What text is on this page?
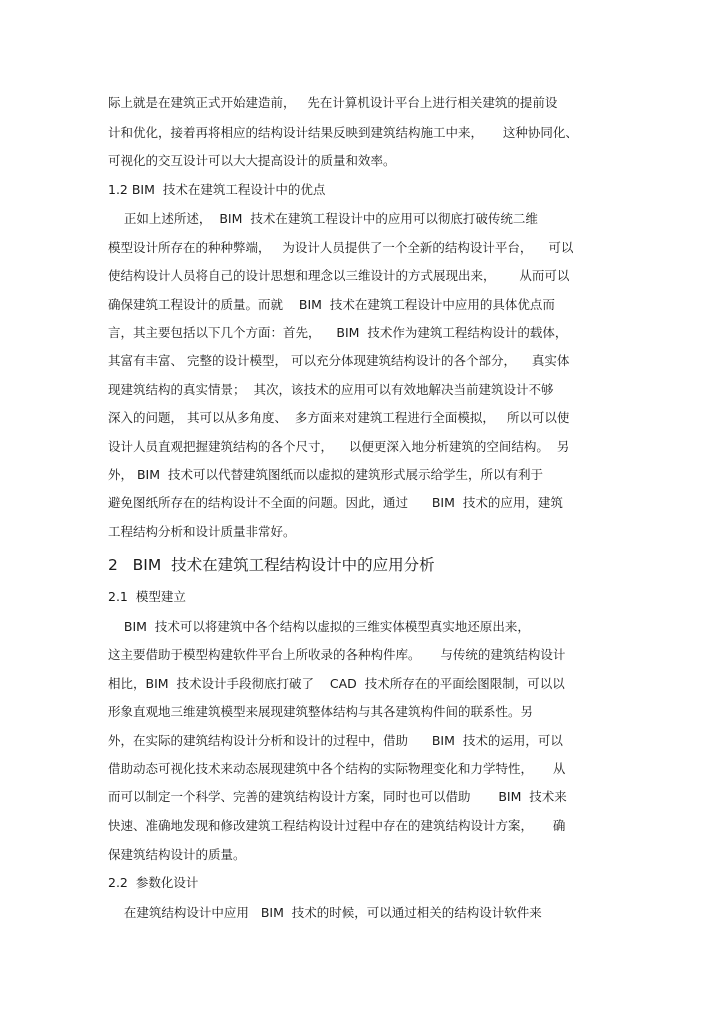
际上就是在建筑正式开始建造前，   先在计算机设计平台上进行相关建筑的提前设

计和优化，接着再将相应的结构设计结果反映到建筑结构施工中来，     这种协同化、

可视化的交互设计可以大大提高设计的质量和效率。

1.2 BIM  技术在建筑工程设计中的优点

正如上述所述，  BIM  技术在建筑工程设计中的应用可以彻底打破传统二维

模型设计所存在的种种弊端，   为设计人员提供了一个全新的结构设计平台，    可以

使结构设计人员将自己的设计思想和理念以三维设计的方式展现出来，      从而可以

确保建筑工程设计的质量。而就    BIM  技术在建筑工程设计中应用的具体优点而

言，其主要包括以下几个方面：首先，    BIM  技术作为建筑工程结构设计的载体，

其富有丰富、 完整的设计模型， 可以充分体现建筑结构设计的各个部分，    真实体

现建筑结构的真实情景；  其次，该技术的应用可以有效地解决当前建筑设计不够

深入的问题， 其可以从多角度、  多方面来对建筑工程进行全面模拟，   所以可以使

设计人员直观把握建筑结构的各个尺寸，    以便更深入地分析建筑的空间结构。  另

外， BIM  技术可以代替建筑图纸而以虚拟的建筑形式展示给学生，所以有利于

避免图纸所存在的结构设计不全面的问题。因此，通过      BIM  技术的应用，建筑

工程结构分析和设计质量非常好。

2   BIM  技术在建筑工程结构设计中的应用分析

2.1  模型建立

BIM  技术可以将建筑中各个结构以虚拟的三维实体模型真实地还原出来，

这主要借助于模型构建软件平台上所收录的各种构件库。     与传统的建筑结构设计

相比，BIM  技术设计手段彻底打破了    CAD  技术所存在的平面绘图限制，可以以

形象直观地三维建筑模型来展现建筑整体结构与其各建筑构件间的联系性。另

外，在实际的建筑结构设计分析和设计的过程中，借助      BIM  技术的运用，可以

借助动态可视化技术来动态展现建筑中各个结构的实际物理变化和力学特性，     从

而可以制定一个科学、完善的建筑结构设计方案，同时也可以借助       BIM  技术来

快速、准确地发现和修改建筑工程结构设计过程中存在的建筑结构设计方案，     确

保建筑结构设计的质量。

2.2  参数化设计

在建筑结构设计中应用   BIM  技术的时候，可以通过相关的结构设计软件来
